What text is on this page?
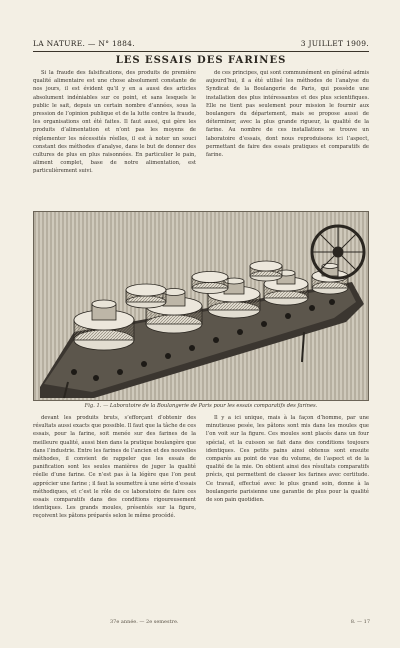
LA NATURE. — N° 1884.	3 JUILLET 1909.
LES ESSAIS DES FARINES

Si la fraude des falsifications, des produits de première qualité alimentaire est une chose absolument constante de nos jours, il est évident qu’il y en a aussi des articles absolument indéniables sur ce point, et sans lesquels le public le sait, depuis un certain nombre d’années, sous la pression de l’opinion publique et de la lutte contre la fraude, les organisations ont été faites. Il faut aussi, qui gère les produits d’alimentation et n’ont pas les moyens de réglementer les nécessités réelles, il est à noter un souci constant des méthodes d’analyse, dans le but de donner des cultures de plus en plus raisonnées. En particulier le pain, aliment complet, base de notre alimentation, est particulièrement suivi.

de ces principes, qui sont communément en général admis aujourd’hui, il a été utilisé les méthodes de l’analyse du Syndicat de la Boulangerie de Paris, qui possède une installation des plus intéressantes et des plus scientifiques. Elle ne tient pas seulement pour mission le fournir aux boulangers du département, mais se propose aussi de déterminer, avec la plus grande rigueur, la qualité de la farine. Au nombre de ces installations se trouve un laboratoire d’essais, dont nous reproduisons ici l’aspect, permettant de faire des essais pratiques et comparatifs de farine.

Fig. 1. — Laboratoire de la Boulangerie de Paris pour les essais comparatifs des farines.

devant les produits bruts, s’efforçant d’obtenir des résultats aussi exacts que possible. Il faut que la tâche de ces essais, pour la farine, soit menée sur des farines de la meilleure qualité, aussi bien dans la pratique boulangère que dans l’industrie. Entre les farines de l’ancien et des nouvelles méthodes, il convient de rappeler que les essais de panification sont les seules manières de juger la qualité réelle d’une farine. Ce n’est pas à la légère que l’on peut apprécier une farine ; il faut la soumettre à une série d’essais méthodiques, et c’est le rôle de ce laboratoire de faire ces essais comparatifs dans des conditions rigoureusement identiques. Les grands moules, présentés sur la figure, reçoivent les pâtons préparés selon le même procédé.

Il y a ici unique, mais à la façon d’homme, par une minutieuse pesée, les pâtons sont mis dans les moules que l’on voit sur la figure. Ces moules sont placés dans un four spécial, et la cuisson se fait dans des conditions toujours identiques. Ces petits pains ainsi obtenus sont ensuite comparés au point de vue du volume, de l’aspect et de la qualité de la mie. On obtient ainsi des résultats comparatifs précis, qui permettent de classer les farines avec certitude. Ce travail, effectué avec le plus grand soin, donne à la boulangerie parisienne une garantie de plus pour la qualité de son pain quotidien.

37e année. — 2e semestre.	8. — 17
